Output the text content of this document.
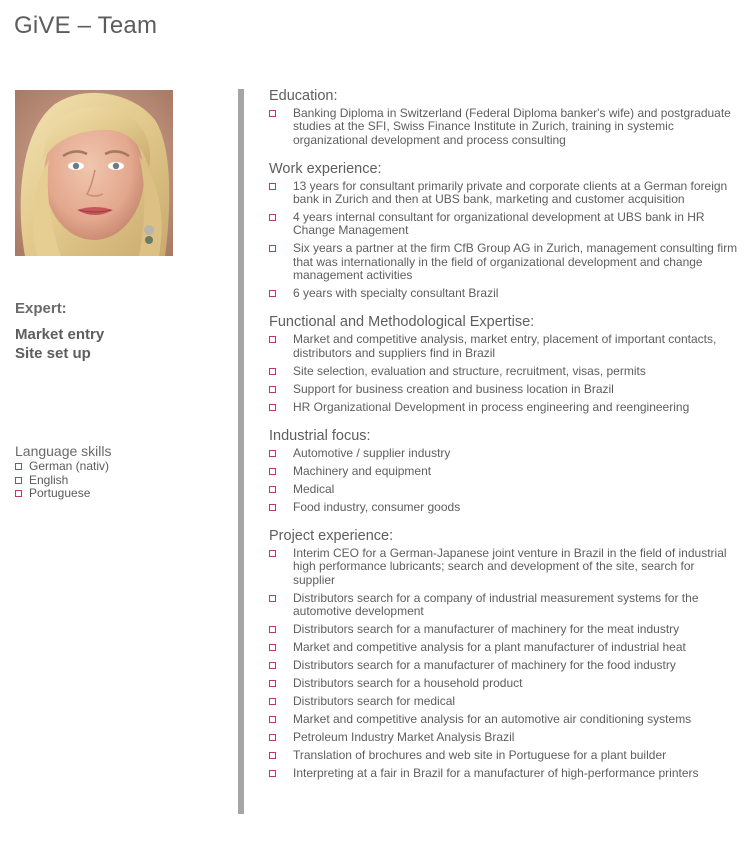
GiVE – Team
Expert:
Market entry
Site set up
Language skills
German (nativ)
English
Portuguese
Education:
Banking Diploma in Switzerland (Federal Diploma banker's wife) and postgraduate studies at the SFI, Swiss Finance Institute in Zurich, training in systemic organizational development and process consulting
Work experience:
13 years for consultant primarily private and corporate clients at a German foreign bank in Zurich and then at UBS bank, marketing and customer acquisition
4 years internal consultant for organizational development at UBS bank in HR Change Management
Six years a partner at the firm CfB Group AG in Zurich, management consulting firm that was internationally in the field of organizational development and change management activities
6 years with specialty consultant Brazil
Functional and Methodological Expertise:
Market and competitive analysis, market entry, placement of important contacts, distributors and suppliers find in Brazil
Site selection, evaluation and structure, recruitment, visas, permits
Support for business creation and business location in Brazil
HR Organizational Development in process engineering and reengineering
Industrial focus:
Automotive / supplier industry
Machinery and equipment
Medical
Food industry, consumer goods
Project experience:
Interim CEO for a German-Japanese joint venture in Brazil in the field of industrial high performance lubricants; search and development of the site, search for supplier
Distributors search for a company of industrial measurement systems for the automotive development
Distributors search for a manufacturer of machinery for the meat industry
Market and competitive analysis for a plant manufacturer of industrial heat
Distributors search for a manufacturer of machinery for the food industry
Distributors search for a household product
Distributors search for medical
Market and competitive analysis for an automotive air conditioning systems
Petroleum Industry Market Analysis Brazil
Translation of brochures and web site in Portuguese for a plant builder
Interpreting at a fair in Brazil for a manufacturer of high-performance printers
